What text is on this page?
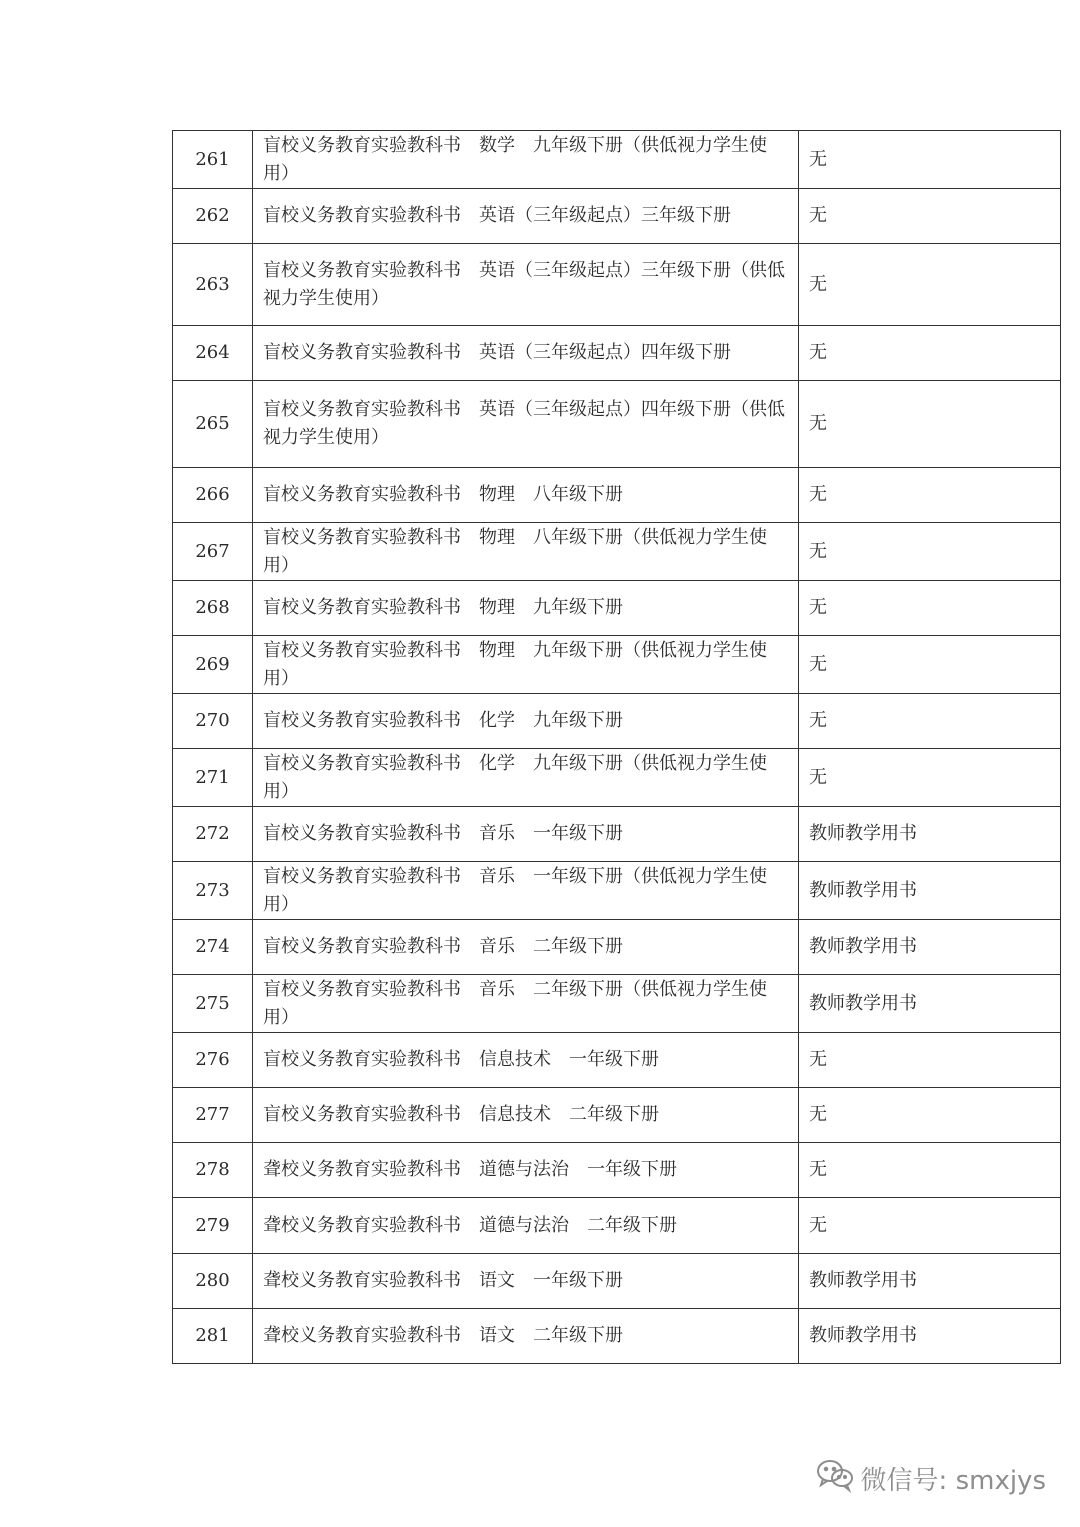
261	盲校义务教育实验教科书　数学　九年级下册（供低视力学生使用）	无
262	盲校义务教育实验教科书　英语（三年级起点）三年级下册	无
263	盲校义务教育实验教科书　英语（三年级起点）三年级下册（供低视力学生使用）	无
264	盲校义务教育实验教科书　英语（三年级起点）四年级下册	无
265	盲校义务教育实验教科书　英语（三年级起点）四年级下册（供低视力学生使用）	无
266	盲校义务教育实验教科书　物理　八年级下册	无
267	盲校义务教育实验教科书　物理　八年级下册（供低视力学生使用）	无
268	盲校义务教育实验教科书　物理　九年级下册	无
269	盲校义务教育实验教科书　物理　九年级下册（供低视力学生使用）	无
270	盲校义务教育实验教科书　化学　九年级下册	无
271	盲校义务教育实验教科书　化学　九年级下册（供低视力学生使用）	无
272	盲校义务教育实验教科书　音乐　一年级下册	教师教学用书
273	盲校义务教育实验教科书　音乐　一年级下册（供低视力学生使用）	教师教学用书
274	盲校义务教育实验教科书　音乐　二年级下册	教师教学用书
275	盲校义务教育实验教科书　音乐　二年级下册（供低视力学生使用）	教师教学用书
276	盲校义务教育实验教科书　信息技术　一年级下册	无
277	盲校义务教育实验教科书　信息技术　二年级下册	无
278	聋校义务教育实验教科书　道德与法治　一年级下册	无
279	聋校义务教育实验教科书　道德与法治　二年级下册	无
280	聋校义务教育实验教科书　语文　一年级下册	教师教学用书
281	聋校义务教育实验教科书　语文　二年级下册	教师教学用书
微信号: smxjys
